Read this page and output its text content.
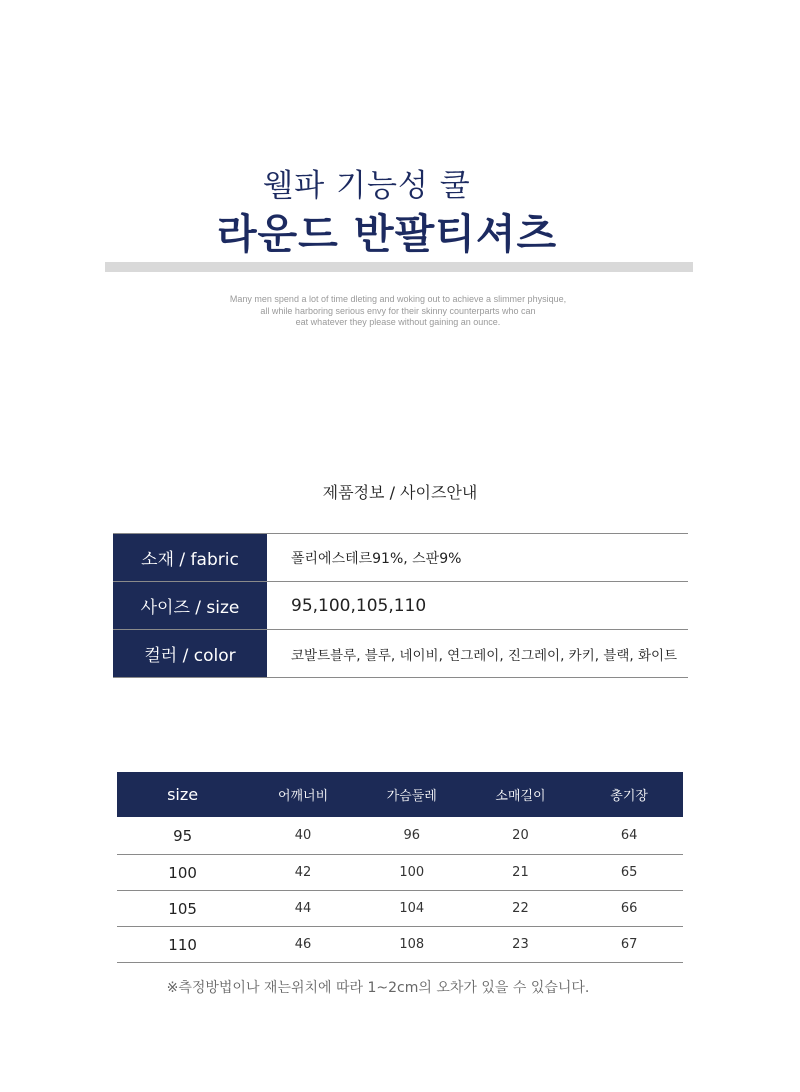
웰파 기능성 쿨
라운드 반팔티셔츠
Many men spend a lot of time dleting and woking out to achieve a slimmer physique,
all while harboring serious envy for their skinny counterparts who can
eat whatever they please without gaining an ounce.
제품정보 / 사이즈안내
소재 / fabric	폴리에스테르91%, 스판9%
사이즈 / size	95,100,105,110
컬러 / color	코발트블루, 블루, 네이비, 연그레이, 진그레이, 카키, 블랙, 화이트
size	어깨너비	가슴둘레	소매길이	총기장
95	40	96	20	64
100	42	100	21	65
105	44	104	22	66
110	46	108	23	67
※측정방법이나 재는위치에 따라 1~2cm의 오차가 있을 수 있습니다.
